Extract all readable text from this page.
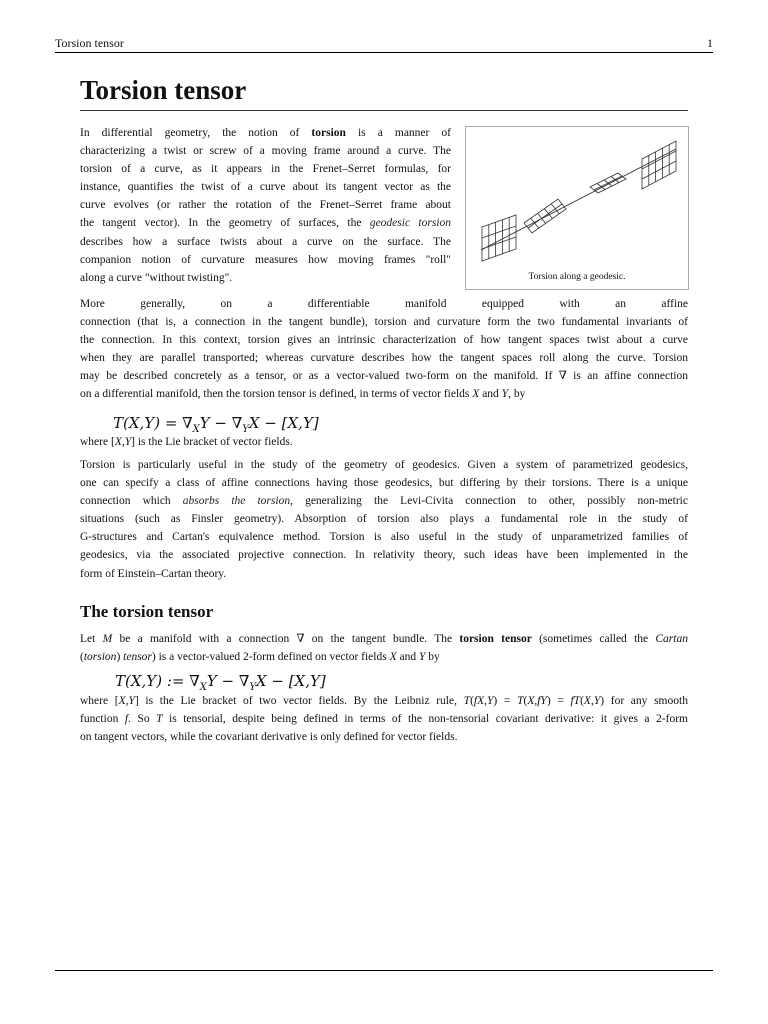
Torsion tensor	1
Torsion tensor
In differential geometry, the notion of torsion is a manner of
characterizing a twist or screw of a moving frame around a curve. The
torsion of a curve, as it appears in the Frenet–Serret formulas, for
instance, quantifies the twist of a curve about its tangent vector as the
curve evolves (or rather the rotation of the Frenet–Serret frame about
the tangent vector). In the geometry of surfaces, the geodesic torsion
describes how a surface twists about a curve on the surface. The
companion notion of curvature measures how moving frames "roll"
along a curve "without twisting".	Torsion along a geodesic.
More generally, on a differentiable manifold equipped with an affine
connection (that is, a connection in the tangent bundle), torsion and curvature form the two fundamental invariants of
the connection. In this context, torsion gives an intrinsic characterization of how tangent spaces twist about a curve
when they are parallel transported; whereas curvature describes how the tangent spaces roll along the curve. Torsion
may be described concretely as a tensor, or as a vector-valued two-form on the manifold. If ∇ is an affine connection
on a differential manifold, then the torsion tensor is defined, in terms of vector fields X and Y, by
$T(X,Y) = \nabla_XY - \nabla_YX - [X,Y]$
where [X,Y] is the Lie bracket of vector fields.
Torsion is particularly useful in the study of the geometry of geodesics. Given a system of parametrized geodesics,
one can specify a class of affine connections having those geodesics, but differing by their torsions. There is a unique
connection which absorbs the torsion, generalizing the Levi-Civita connection to other, possibly non-metric
situations (such as Finsler geometry). Absorption of torsion also plays a fundamental role in the study of
G-structures and Cartan's equivalence method. Torsion is also useful in the study of unparametrized families of
geodesics, via the associated projective connection. In relativity theory, such ideas have been implemented in the
form of Einstein–Cartan theory.
The torsion tensor
Let M be a manifold with a connection ∇ on the tangent bundle. The torsion tensor (sometimes called the Cartan
(torsion) tensor) is a vector-valued 2-form defined on vector fields X and Y by
T(X,Y) := $\nabla_XY - \nabla_YX - [X,Y]$
where [X,Y] is the Lie bracket of two vector fields. By the Leibniz rule, T(fX,Y) = T(X,fY) = fT(X,Y) for any smooth
function f. So T is tensorial, despite being defined in terms of the non-tensorial covariant derivative: it gives a 2-form
on tangent vectors, while the covariant derivative is only defined for vector fields.
